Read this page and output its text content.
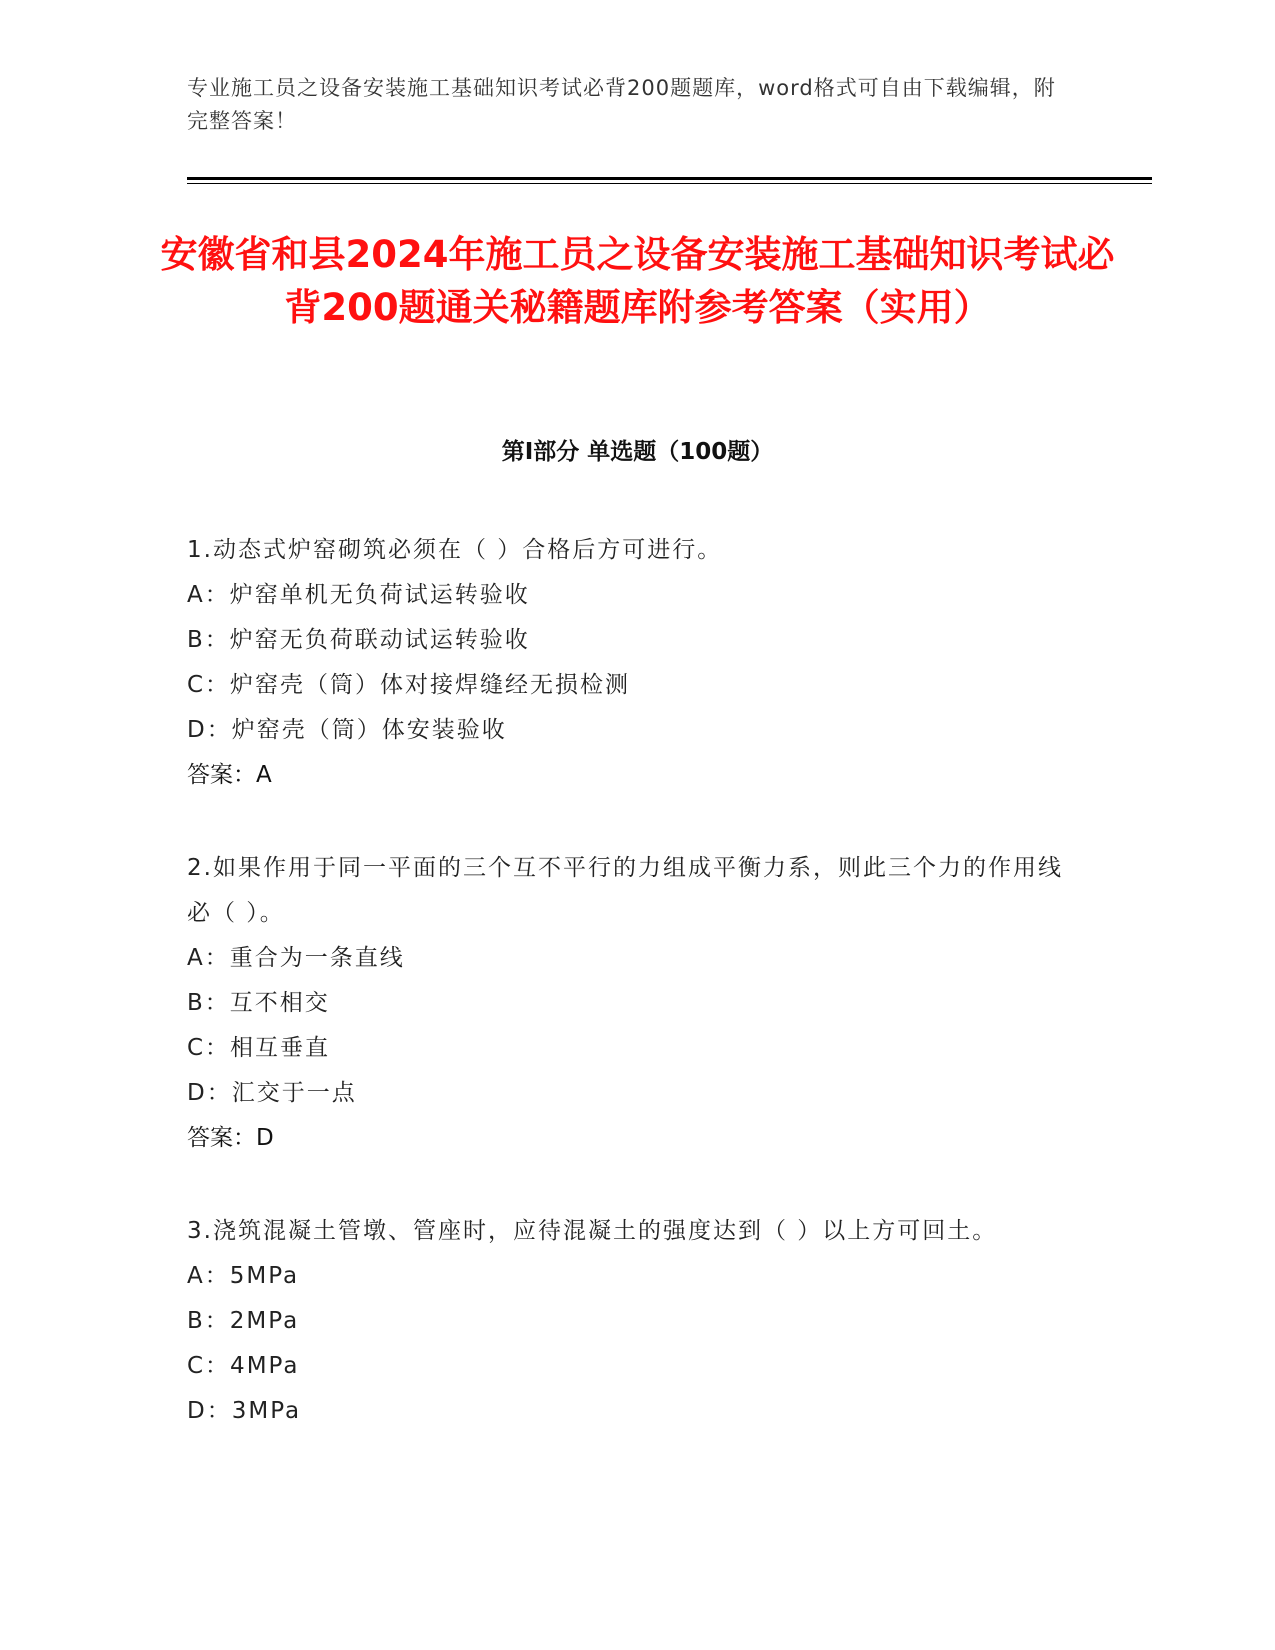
专业施工员之设备安装施工基础知识考试必背200题题库，word格式可自由下载编辑，附完整答案！
安徽省和县2024年施工员之设备安装施工基础知识考试必背200题通关秘籍题库附参考答案（实用）
第Ⅰ部分 单选题（100题）
1.动态式炉窑砌筑必须在（ ）合格后方可进行。
A：炉窑单机无负荷试运转验收
B：炉窑无负荷联动试运转验收
C：炉窑壳（筒）体对接焊缝经无损检测
D：炉窑壳（筒）体安装验收
答案：A
2.如果作用于同一平面的三个互不平行的力组成平衡力系，则此三个力的作用线必（ ）。
A：重合为一条直线
B：互不相交
C：相互垂直
D：汇交于一点
答案：D
3.浇筑混凝土管墩、管座时，应待混凝土的强度达到（ ）以上方可回土。
A：5MPa
B：2MPa
C：4MPa
D：3MPa
